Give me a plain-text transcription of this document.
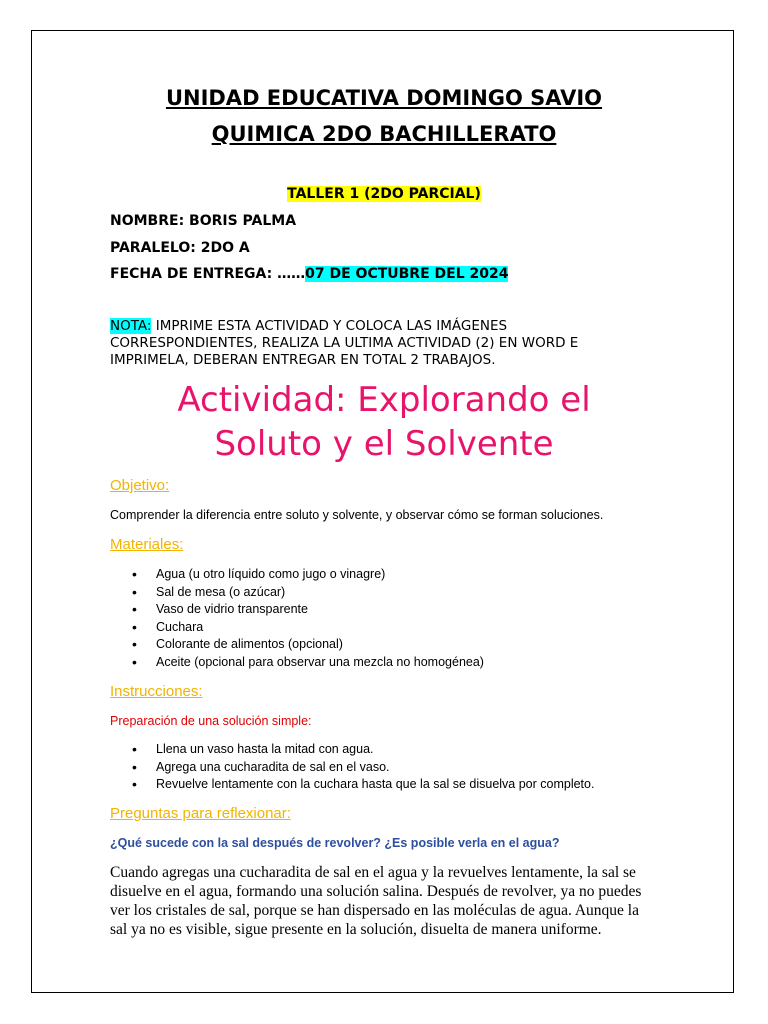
UNIDAD EDUCATIVA DOMINGO SAVIO
QUIMICA 2DO BACHILLERATO
TALLER 1 (2DO PARCIAL)
NOMBRE: BORIS PALMA
PARALELO: 2DO A
FECHA DE ENTREGA: ……07 DE OCTUBRE DEL 2024
NOTA: IMPRIME ESTA ACTIVIDAD Y COLOCA LAS IMÁGENES CORRESPONDIENTES, REALIZA LA ULTIMA ACTIVIDAD (2) EN WORD E IMPRIMELA, DEBERAN ENTREGAR EN TOTAL 2 TRABAJOS.
Actividad: Explorando el
Soluto y el Solvente
Objetivo:
Comprender la diferencia entre soluto y solvente, y observar cómo se forman soluciones.
Materiales:
• Agua (u otro líquido como jugo o vinagre)
• Sal de mesa (o azúcar)
• Vaso de vidrio transparente
• Cuchara
• Colorante de alimentos (opcional)
• Aceite (opcional para observar una mezcla no homogénea)
Instrucciones:
Preparación de una solución simple:
• Llena un vaso hasta la mitad con agua.
• Agrega una cucharadita de sal en el vaso.
• Revuelve lentamente con la cuchara hasta que la sal se disuelva por completo.
Preguntas para reflexionar:
¿Qué sucede con la sal después de revolver? ¿Es posible verla en el agua?
Cuando agregas una cucharadita de sal en el agua y la revuelves lentamente, la sal se disuelve en el agua, formando una solución salina. Después de revolver, ya no puedes ver los cristales de sal, porque se han dispersado en las moléculas de agua. Aunque la sal ya no es visible, sigue presente en la solución, disuelta de manera uniforme.
